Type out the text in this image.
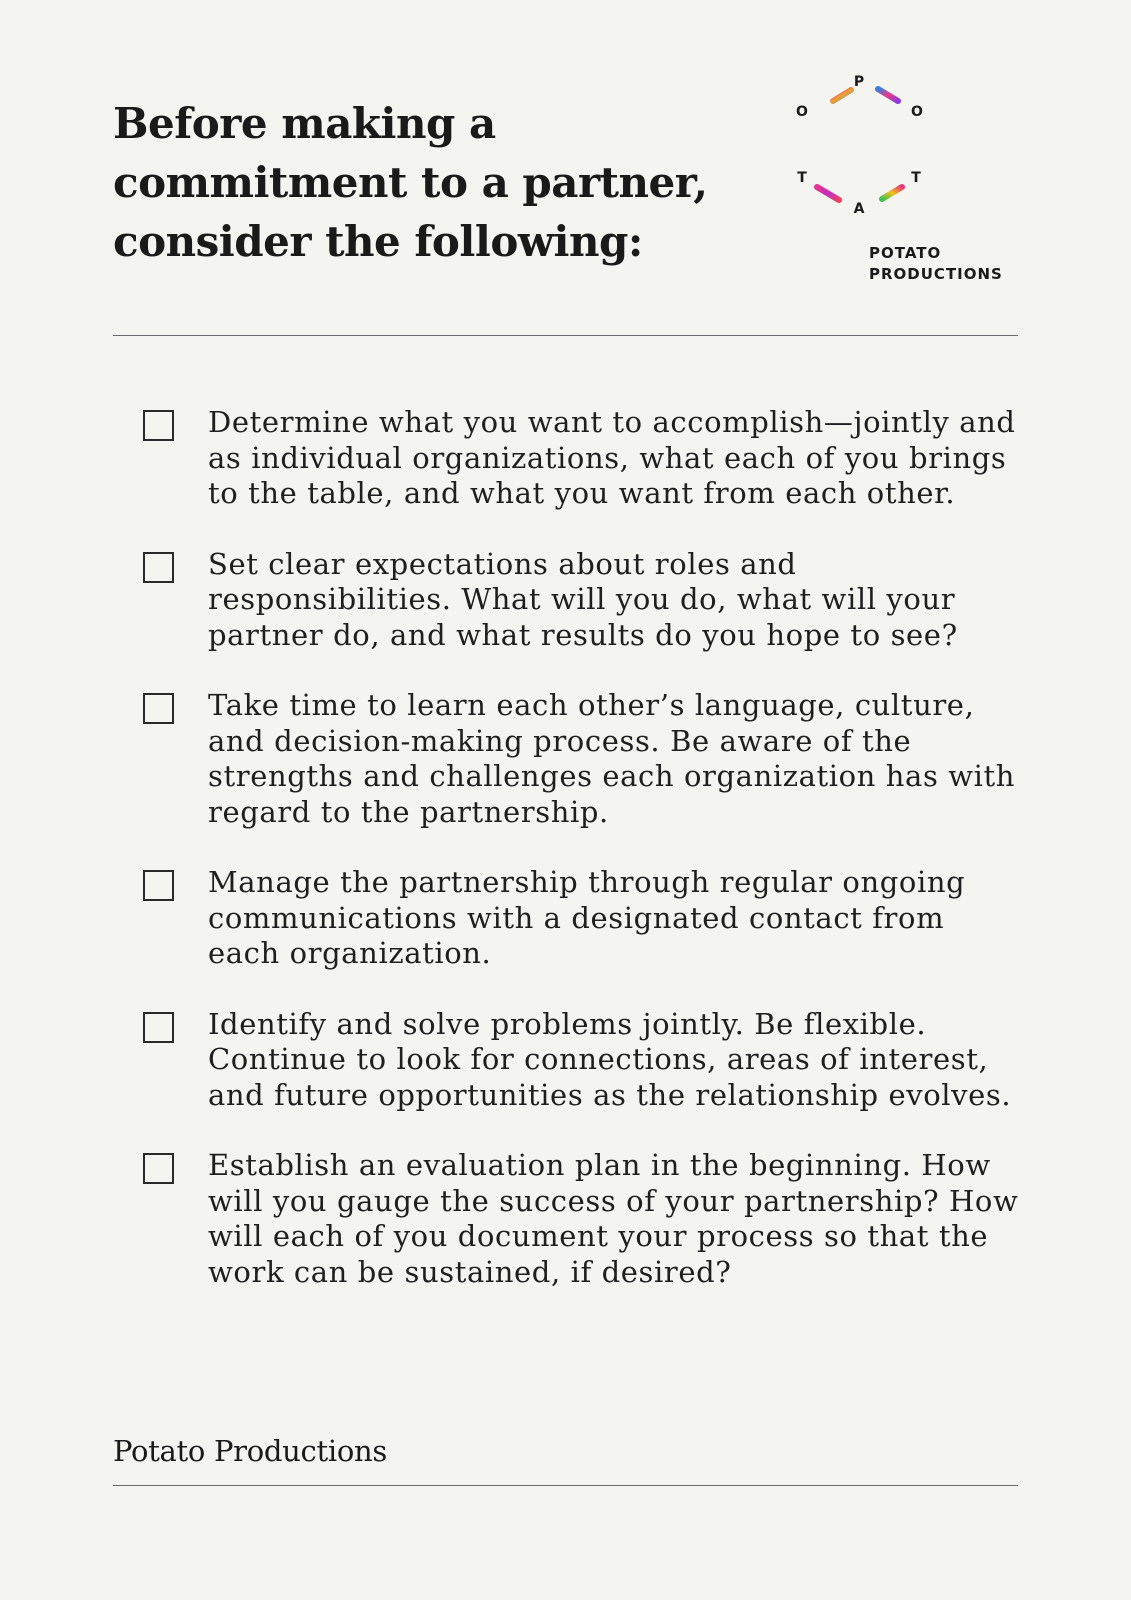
Before making a commitment to a partner, consider the following:
P
O
T
A
T
O
POTATO
PRODUCTIONS
Determine what you want to accomplish—jointly and as individual organizations, what each of you brings to the table, and what you want from each other.
Set clear expectations about roles and responsibilities. What will you do, what will your partner do, and what results do you hope to see?
Take time to learn each other’s language, culture, and decision-making process. Be aware of the strengths and challenges each organization has with regard to the partnership.
Manage the partnership through regular ongoing communications with a designated contact from each organization.
Identify and solve problems jointly. Be flexible. Continue to look for connections, areas of interest, and future opportunities as the relationship evolves.
Establish an evaluation plan in the beginning. How will you gauge the success of your partnership? How will each of you document your process so that the work can be sustained, if desired?
Potato Productions
